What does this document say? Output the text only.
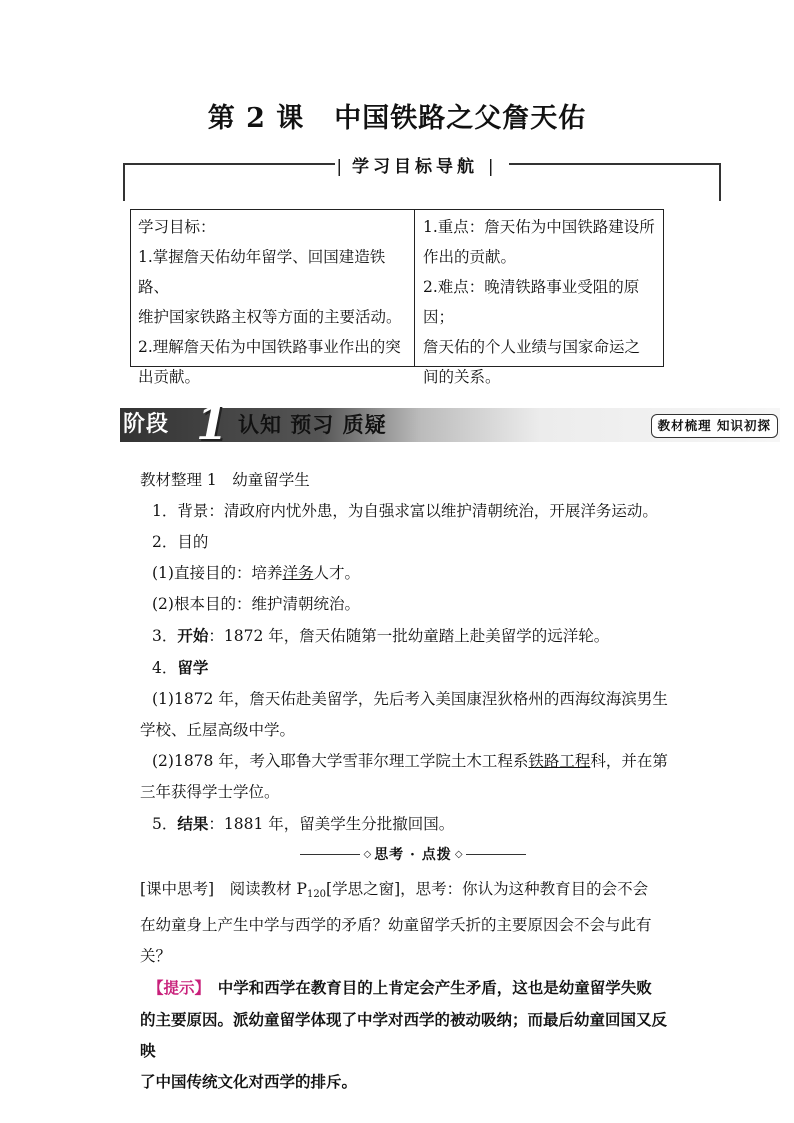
第 2 课 中国铁路之父詹天佑
| 学习目标导航 |

学习目标：

1.掌握詹天佑幼年留学、回国建造铁路、

维护国家铁路主权等方面的主要活动。

2.理解詹天佑为中国铁路事业作出的突

出贡献。

1.重点：詹天佑为中国铁路建设所

作出的贡献。

2.难点：晚清铁路事业受阻的原因；

詹天佑的个人业绩与国家命运之

间的关系。

阶段 1 认知 预习 质疑	教材梳理 知识初探

教材整理 1　幼童留学生

1．背景：清政府内忧外患，为自强求富以维护清朝统治，开展洋务运动。

2．目的

(1)直接目的：培养洋务人才。

(2)根本目的：维护清朝统治。

3．开始：1872 年，詹天佑随第一批幼童踏上赴美留学的远洋轮。

4．留学

(1)1872 年，詹天佑赴美留学，先后考入美国康涅狄格州的西海纹海滨男生

学校、丘屋高级中学。

(2)1878 年，考入耶鲁大学雪菲尔理工学院土木工程系铁路工程科，并在第

三年获得学士学位。

5．结果：1881 年，留美学生分批撤回国。

◇ 思考 · 点拨 ◇

[课中思考]　阅读教材 $P_{120}$[学思之窗]，思考：你认为这种教育目的会不会

在幼童身上产生中学与西学的矛盾？幼童留学夭折的主要原因会不会与此有关？

【提示】　中学和西学在教育目的上肯定会产生矛盾，这也是幼童留学失败

的主要原因。派幼童留学体现了中学对西学的被动吸纳；而最后幼童回国又反映

了中国传统文化对西学的排斥。
